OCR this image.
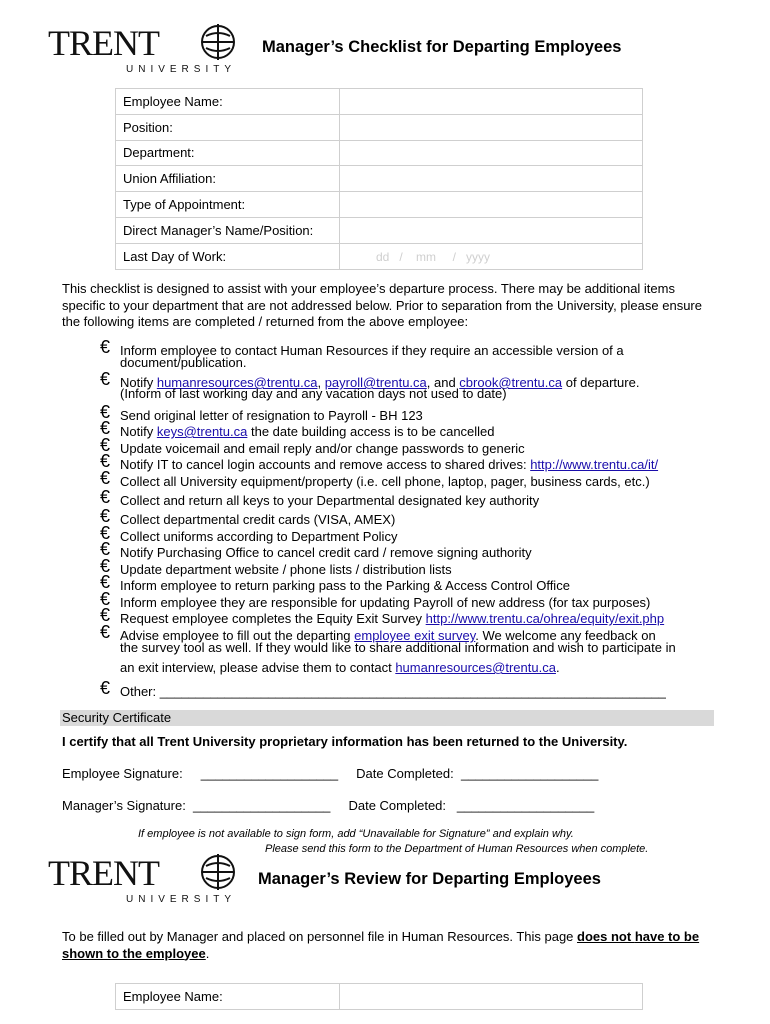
TRENT
UNIVERSITY
Manager’s Checklist for Departing Employees
Employee Name:	
Position:	
Department:	
Union Affiliation:	
Type of Appointment:	
Direct Manager’s Name/Position:	
Last Day of Work:	dd   /    mm     /   yyyy
This checklist is designed to assist with your employee’s departure process. There may be additional items specific to your department that are not addressed below. Prior to separation from the University, please ensure the following items are completed / returned from the above employee:
€ Inform employee to contact Human Resources if they require an accessible version of a
document/publication.
€ Notify humanresources@trentu.ca, payroll@trentu.ca, and cbrook@trentu.ca of departure.
(Inform of last working day and any vacation days not used to date)
€ Send original letter of resignation to Payroll - BH 123
€ Notify keys@trentu.ca the date building access is to be cancelled
€ Update voicemail and email reply and/or change passwords to generic
€ Notify IT to cancel login accounts and remove access to shared drives: http://www.trentu.ca/it/
€ Collect all University equipment/property (i.e. cell phone, laptop, pager, business cards, etc.)
€ Collect and return all keys to your Departmental designated key authority
€ Collect departmental credit cards (VISA, AMEX)
€ Collect uniforms according to Department Policy
€ Notify Purchasing Office to cancel credit card / remove signing authority
€ Update department website / phone lists / distribution lists
€ Inform employee to return parking pass to the Parking & Access Control Office
€ Inform employee they are responsible for updating Payroll of new address (for tax purposes)
€ Request employee completes the Equity Exit Survey http://www.trentu.ca/ohrea/equity/exit.php
€ Advise employee to fill out the departing employee exit survey. We welcome any feedback on
the survey tool as well. If they would like to share additional information and wish to participate in
an exit interview, please advise them to contact humanresources@trentu.ca.
€ Other: ______________________________________________________________________
Security Certificate
I certify that all Trent University proprietary information has been returned to the University.
Employee Signature:     ___________________     Date Completed:  ___________________
Manager’s Signature:  ___________________     Date Completed:   ___________________
If employee is not available to sign form, add “Unavailable for Signature” and explain why.
Please send this form to the Department of Human Resources when complete.
TRENT
UNIVERSITY
Manager’s Review for Departing Employees
To be filled out by Manager and placed on personnel file in Human Resources. This page does not have to be shown to the employee.
Employee Name:	
